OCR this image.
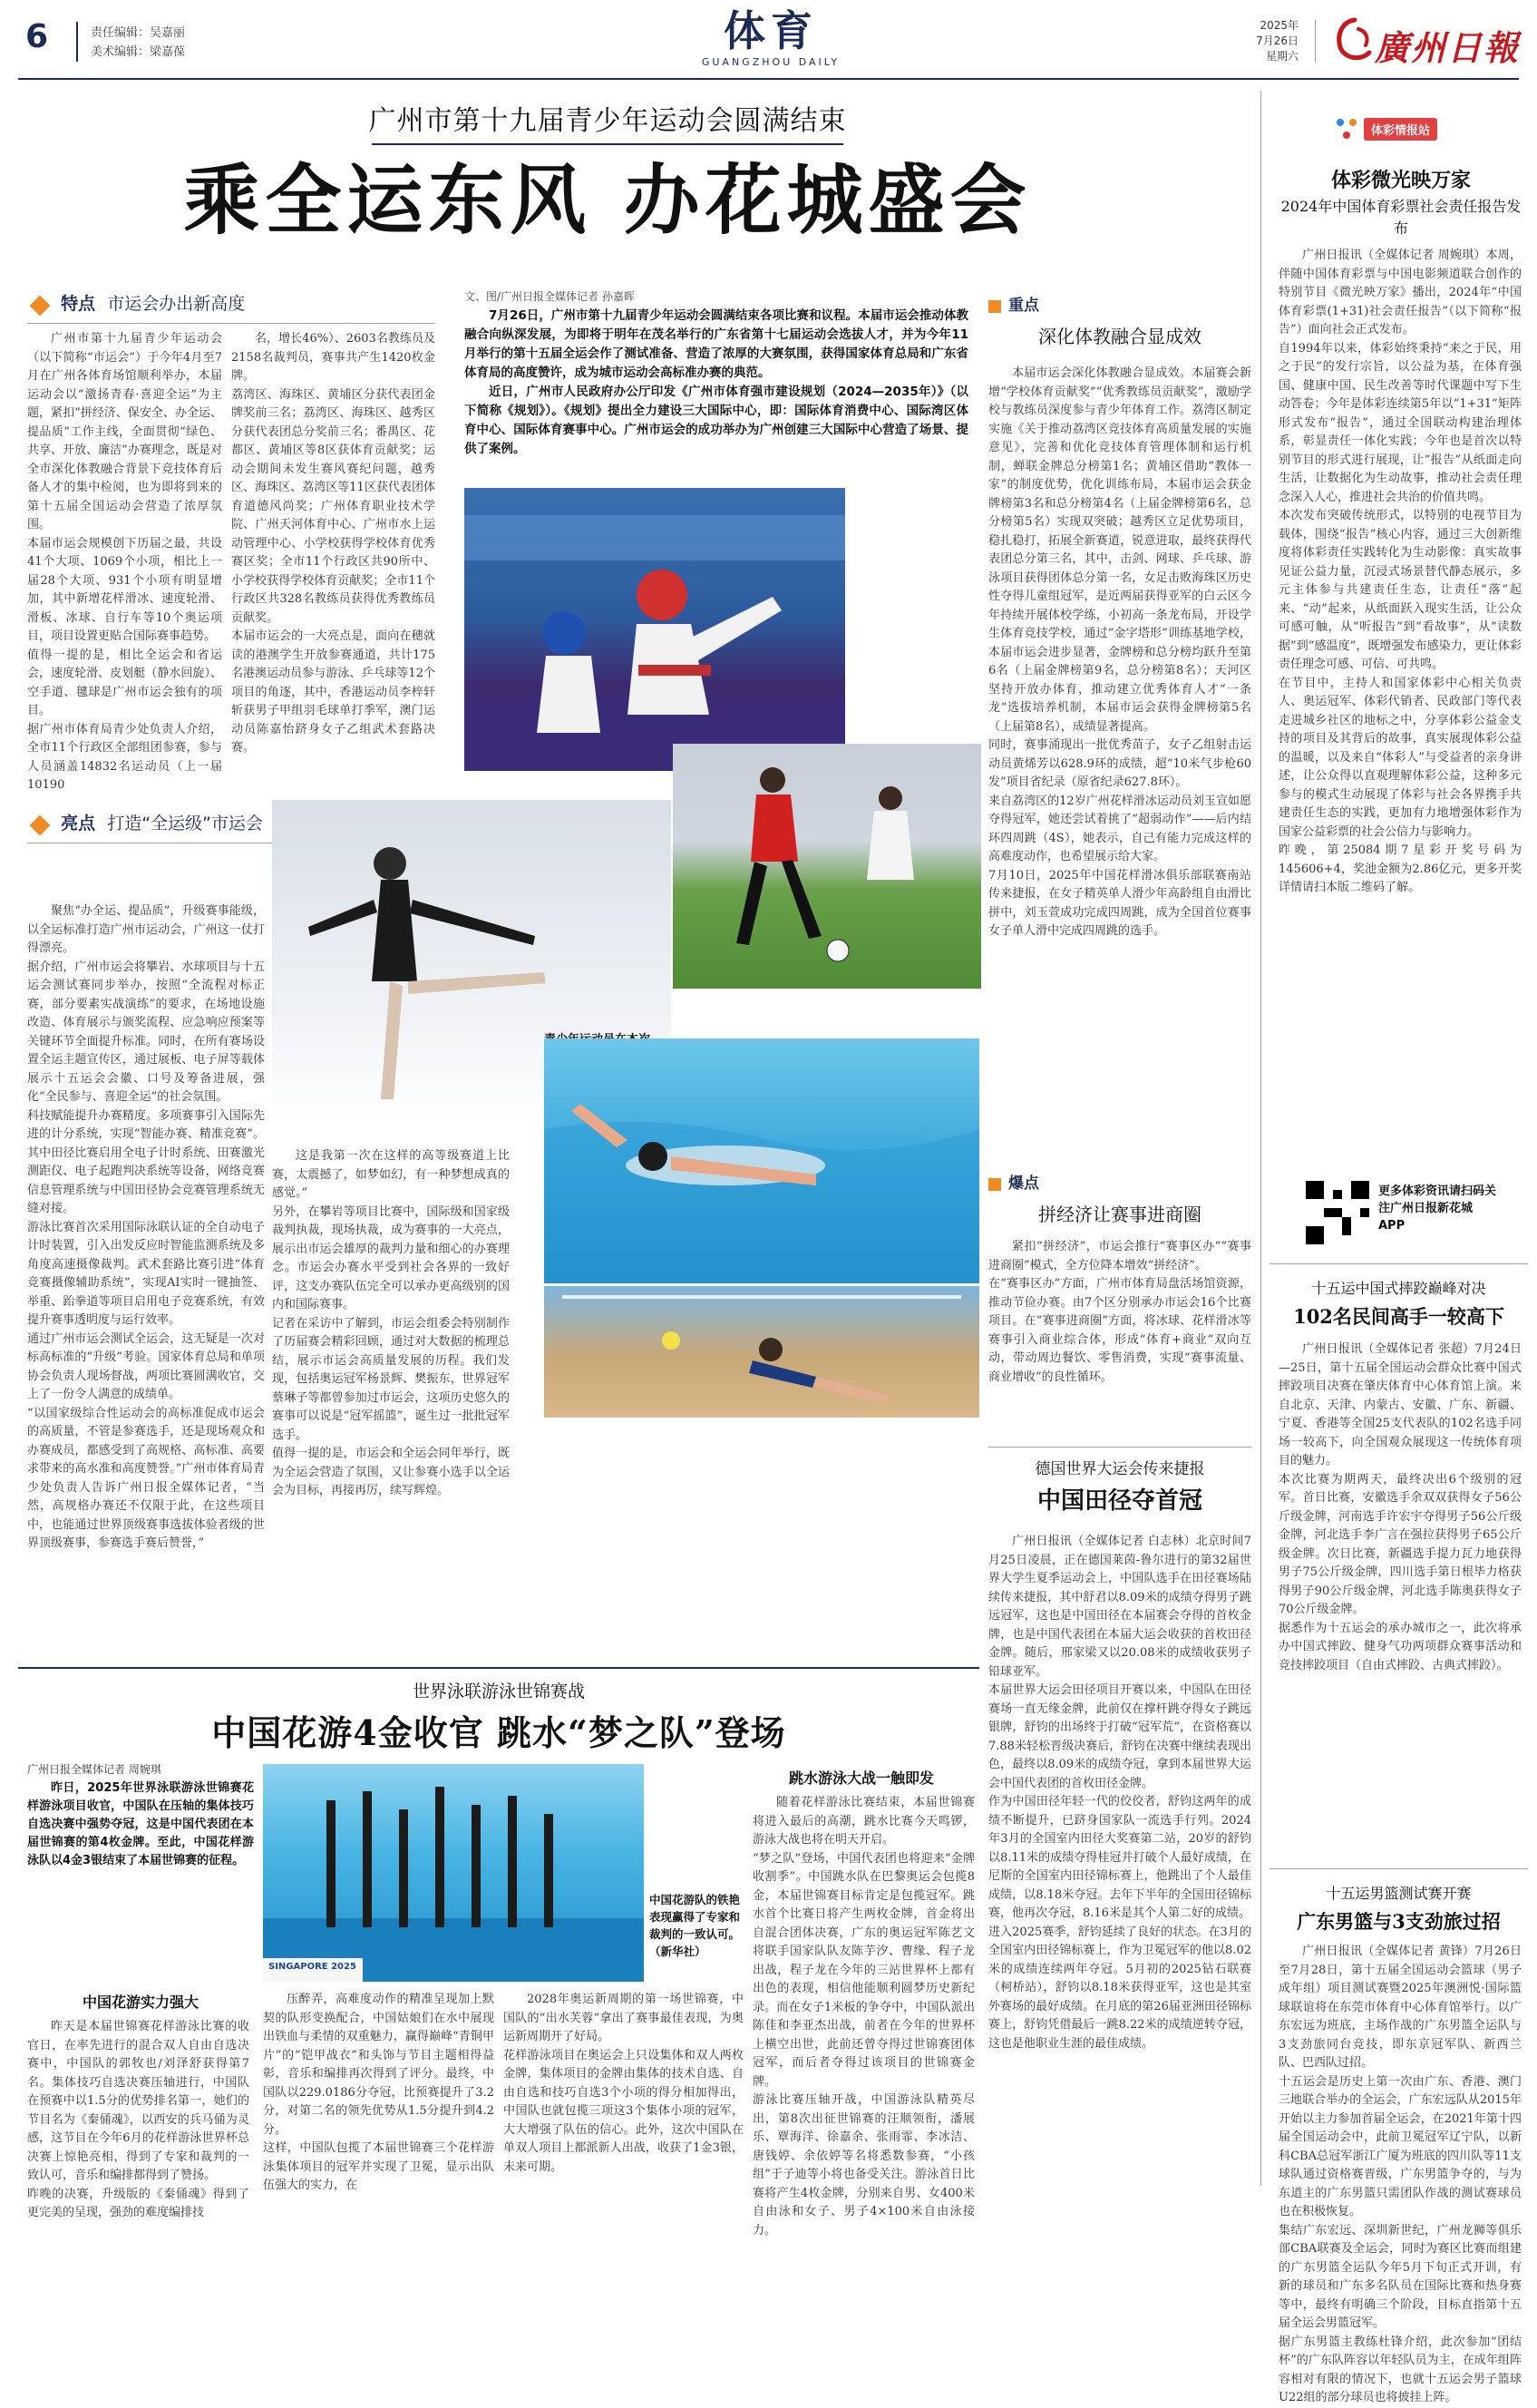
6	责任编辑：吴嘉丽
美术编辑：梁嘉葆	体育
GUANGZHOU DAILY
2025年
7月26日
星期六 廣州日報
广州市第十九届青少年运动会圆满结束
乘全运东风 办花城盛会
文、图/广州日报全媒体记者 孙嘉晖
7月26日，广州市第十九届青少年运动会圆满结束各项比赛和议程。本届市运会推动体教融合向纵深发展，为即将于明年在茂名举行的广东省第十七届运动会选拔人才，并为今年11月举行的第十五届全运会作了测试准备、营造了浓厚的大赛氛围，获得国家体育总局和广东省体育局的高度赞许，成为城市运动会高标准办赛的典范。
近日，广州市人民政府办公厅印发《广州市体育强市建设规划（2024—2035年）》（以下简称《规划》）。《规划》提出全力建设三大国际中心，即：国际体育消费中心、国际湾区体育中心、国际体育赛事中心。广州市运会的成功举办为广州创建三大国际中心营造了场景、提供了案例。
特点 市运会办出新高度
广州市第十九届青少年运动会（以下简称“市运会”）于今年4月至7月在广州各体育场馆顺利举办，本届运动会以“激扬青春·喜迎全运”为主题，紧扣“拼经济、保安全、办全运、提品质”工作主线，全面贯彻“绿色、共享、开放、廉洁”办赛理念，既是对全市深化体教融合背景下竞技体育后备人才的集中检阅，也为即将到来的第十五届全国运动会营造了浓厚氛围。
本届市运会规模创下历届之最，共设41个大项、1069个小项，相比上一届28个大项、931个小项有明显增加，其中新增花样滑冰、速度轮滑、滑板、冰球、自行车等10个奥运项目，项目设置更贴合国际赛事趋势。
值得一提的是，相比全运会和省运会，速度轮滑、皮划艇（静水回旋）、空手道、毽球是广州市运会独有的项目。
据广州市体育局青少处负责人介绍，全市11个行政区全部组团参赛，参与人员涵盖14832名运动员（上一届10190
名，增长46%）、2603名教练员及2158名裁判员，赛事共产生1420枚金牌。
荔湾区、海珠区、黄埔区分获代表团金牌奖前三名；荔湾区、海珠区、越秀区分获代表团总分奖前三名；番禺区、花都区、黄埔区等8区获体育贡献奖；运动会期间未发生赛风赛纪问题，越秀区、海珠区、荔湾区等11区获代表团体育道德风尚奖；广州体育职业技术学院、广州天河体育中心、广州市水上运动管理中心、小学校获得学校体育优秀赛区奖；全市11个行政区共90所中、小学校获得学校体育贡献奖；全市11个行政区共328名教练员获得优秀教练员贡献奖。
本届市运会的一大亮点是，面向在穗就读的港澳学生开放参赛通道，共计175名港澳运动员参与游泳、乒乓球等12个项目的角逐，其中，香港运动员李梓轩斩获男子甲组羽毛球单打季军，澳门运动员陈嘉怡跻身女子乙组武术套路决赛。
亮点 打造“全运级”市运会
聚焦“办全运、提品质”，升级赛事能级，以全运标准打造广州市运动会，广州这一仗打得漂亮。
据介绍，广州市运会将攀岩、水球项目与十五运会测试赛同步举办，按照“全流程对标正赛，部分要素实战演练”的要求，在场地设施改造、体育展示与颁奖流程、应急响应预案等关键环节全面提升标准。同时，在所有赛场设置全运主题宣传区，通过展板、电子屏等载体展示十五运会会徽、口号及筹备进展，强化“全民参与、喜迎全运”的社会氛围。
科技赋能提升办赛精度。多项赛事引入国际先进的计分系统，实现“智能办赛、精准竞赛”。其中田径比赛启用全电子计时系统、田赛激光测距仪、电子起跑判决系统等设备，网络竞赛信息管理系统与中国田径协会竞赛管理系统无缝对接。
游泳比赛首次采用国际泳联认证的全自动电子计时装置，引入出发反应时智能监测系统及多角度高速摄像裁判。武术套路比赛引进“体育竞赛摄像辅助系统”，实现AI实时一键抽签、举重、跆拳道等项目启用电子竞赛系统，有效提升赛事透明度与运行效率。
通过广州市运会测试全运会，这无疑是一次对标高标准的“升级”考验。国家体育总局和单项协会负责人现场督战，两项比赛圆满收官，交上了一份令人满意的成绩单。
“以国家级综合性运动会的高标准促成市运会的高质量，不管是参赛选手，还是现场观众和办赛成员，都感受到了高规格、高标准、高要求带来的高水准和高度赞誉。”广州市体育局青少处负责人告诉广州日报全媒体记者，“当然，高规格办赛还不仅限于此，在这些项目中，也能通过世界顶级赛事选拔体验者级的世界顶级赛事，参赛选手赛后赞誉，”
这是我第一次在这样的高等级赛道上比赛，太震撼了，如梦如幻，有一种梦想成真的感觉。”
另外，在攀岩等项目比赛中，国际级和国家级裁判执裁，现场执裁，成为赛事的一大亮点，展示出市运会雄厚的裁判力量和细心的办赛理念。市运会办赛水平受到社会各界的一致好评，这支办赛队伍完全可以承办更高级别的国内和国际赛事。
记者在采访中了解到，市运会组委会特别制作了历届赛会精彩回顾，通过对大数据的梳理总结，展示市运会高质量发展的历程。我们发现，包括奥运冠军杨景辉、樊振东，世界冠军蔡琳子等都曾参加过市运会，这项历史悠久的赛事可以说是“冠军摇篮”，诞生过一批批冠军选手。
值得一提的是，市运会和全运会同年举行，既为全运会营造了氛围，又让参赛小选手以全运会为目标，再接再厉，续写辉煌。
重点
深化体教融合显成效
本届市运会深化体教融合显成效。本届赛会新增“学校体育贡献奖”“优秀教练员贡献奖”，激励学校与教练员深度参与青少年体育工作。荔湾区制定实施《关于推动荔湾区竞技体育高质量发展的实施意见》，完善和优化竞技体育管理体制和运行机制，蝉联金牌总分榜第1名；黄埔区借助“教体一家”的制度优势，优化训练布局，本届市运会获金牌榜第3名和总分榜第4名（上届金牌榜第6名，总分榜第5名）实现双突破；越秀区立足优势项目，稳扎稳打，拓展全新赛道，锐意进取，最终获得代表团总分第三名，其中，击剑、网球、乒乓球、游泳项目获得团体总分第一名，女足击败海珠区历史性夺得儿童组冠军，是近两届获得亚军的白云区今年持续开展体校学练，小初高一条龙布局，开设学生体育竞技学校，通过“金字塔形”训练基地学校，本届市运会进步显著，金牌榜和总分榜均跃升至第6名（上届金牌榜第9名，总分榜第8名）；天河区坚持开放办体育，推动建立优秀体育人才“一条龙”选拔培养机制，本届市运会获得金牌榜第5名（上届第8名），成绩显著提高。
同时，赛事涌现出一批优秀苗子，女子乙组射击运动员黄烯芳以628.9环的成绩，超“10米气步枪60发”项目省纪录（原省纪录627.8环）。
来自荔湾区的12岁广州花样滑冰运动员刘玉宣如愿夺得冠军，她还尝试着挑了“超弱动作”——后内结环四周跳（4S），她表示，自己有能力完成这样的高难度动作，也希望展示给大家。
7月10日，2025年中国花样滑冰俱乐部联赛南站传来捷报，在女子精英单人滑少年高龄组自由滑比拼中，刘玉萱成功完成四周跳，成为全国首位赛事女子单人滑中完成四周跳的选手。
爆点
拼经济让赛事进商圈
紧扣“拼经济”，市运会推行“赛事区办”“赛事进商圈”模式，全方位降本增效“拼经济”。
在“赛事区办”方面，广州市体育局盘活场馆资源，推动节俭办赛。由7个区分别承办市运会16个比赛项目。在“赛事进商圈”方面，将冰球、花样滑冰等赛事引入商业综合体，形成“体育+商业”双向互动，带动周边餐饮、零售消费，实现“赛事流量、商业增收”的良性循环。
体彩情报站
体彩微光映万家
2024年中国体育彩票社会责任报告发布
广州日报讯（全媒体记者 周婉琪）本周，伴随中国体育彩票与中国电影频道联合创作的特别节目《微光映万家》播出，2024年“中国体育彩票(1+31)社会责任报告”（以下简称“报告”）面向社会正式发布。
自1994年以来，体彩始终秉持“来之于民，用之于民”的发行宗旨，以公益为基，在体育强国、健康中国、民生改善等时代课题中写下生动答卷；今年是体彩连续第5年以“1+31”矩阵形式发布“报告”，通过全国联动构建治理体系，彰显责任一体化实践；今年也是首次以特别节目的形式进行展现，让“报告”从纸面走向生活，让数据化为生动故事，推动社会责任理念深入人心，推进社会共治的价值共鸣。
本次发布突破传统形式，以特别的电视节目为载体，围绕“报告”核心内容，通过三大创新维度将体彩责任实践转化为生动影像：真实故事见证公益力量，沉浸式场景替代静态展示，多元主体参与共建责任生态，让责任“落”起来、“动”起来，从纸面跃入现实生活，让公众可感可触，从“听报告”到“看故事”，从“读数据”到“感温度”，既增强发布感染力，更让体彩责任理念可感、可信、可共鸣。
在节目中，主持人和国家体彩中心相关负责人、奥运冠军、体彩代销者、民政部门等代表走进城乡社区的地标之中，分享体彩公益金支持的项目及其背后的故事，真实展现体彩公益的温暖，以及来自“体彩人”与受益者的亲身讲述，让公众得以直观理解体彩公益，这种多元参与的模式生动展现了体彩与社会各界携手共建责任生态的实践，更加有力地增强体彩作为国家公益彩票的社会公信力与影响力。
昨晚，第25084期7星彩开奖号码为145606+4，奖池金额为2.86亿元，更多开奖详情请扫本版二维码了解。
更多体彩资讯请扫码关注广州日报新花城APP
十五运中国式摔跤巅峰对决
102名民间高手一较高下
广州日报讯（全媒体记者 张超）7月24日—25日，第十五届全国运动会群众比赛中国式摔跤项目决赛在肇庆体育中心体育馆上演。来自北京、天津、内蒙古、安徽、广东、新疆、宁夏、香港等全国25支代表队的102名选手同场一较高下，向全国观众展现这一传统体育项目的魅力。
本次比赛为期两天，最终决出6个级别的冠军。首日比赛，安徽选手余双双获得女子56公斤级金牌，河南选手许宏宇夺得男子56公斤级金牌，河北选手李广言在强拉获得男子65公斤级金牌。次日比赛，新疆选手提力瓦力地获得男子75公斤级金牌，四川选手第日根毕力格获得男子90公斤级金牌，河北选手陈奥获得女子70公斤级金牌。
据悉作为十五运会的承办城市之一，此次将承办中国式摔跤、健身气功两项群众赛事活动和竞技摔跤项目（自由式摔跤、古典式摔跤）。
十五运男篮测试赛开赛
广东男篮与3支劲旅过招
广州日报讯（全媒体记者 黄锋）7月26日至7月28日，第十五届全国运动会篮球（男子成年组）项目测试赛暨2025年澳洲悦·国际篮球联谊将在东莞市体育中心体育馆举行。以广东宏远为班底，主场作战的广东男篮全运队与3支劲旅同台竞技，即东京冠军队、新西兰队、巴西队过招。
十五运会是历史上第一次由广东、香港、澳门三地联合举办的全运会，广东宏远队从2015年开始以主力参加首届全运会，在2021年第十四届全国运动会中，此前卫冕冠军辽宁队，以新科CBA总冠军浙江广厦为班底的四川队等11支球队通过资格赛晋级，广东男篮争夺的，与为东道主的广东男篮只需团队作战的测试赛球员也在积极恢复。
集结广东宏远、深圳新世纪，广州龙狮等俱乐部CBA联赛及全运会，同时为赛区比赛而组建的广东男篮全运队今年5月下旬正式开训，有新的球员和广东多名队员在国际比赛和热身赛等中，最终有明确三个阶段，目标直指第十五届全运会男篮冠军。
据广东男篮主教练杜锋介绍，此次参加“团结杯”的广东队阵容以年轻队员为主，在成年组阵容相对有限的情况下，也就十五运会男子篮球U22组的部分球员也将披挂上阵。
德国世界大运会传来捷报
中国田径夺首冠
广州日报讯（全媒体记者 白志林）北京时间7月25日凌晨，正在德国莱茵-鲁尔进行的第32届世界大学生夏季运动会上，中国队选手在田径赛场陆续传来捷报，其中舒君以8.09米的成绩夺得男子跳远冠军，这也是中国田径在本届赛会夺得的首枚金牌，也是中国代表团在本届大运会收获的首枚田径金牌。随后，邢家梁又以20.08米的成绩收获男子铅球亚军。
本届世界大运会田径项目开赛以来，中国队在田径赛场一直无缘金牌，此前仅在撑杆跳夺得女子跳远银牌，舒钧的出场终于打破“冠军荒”，在资格赛以7.88米轻松晋级决赛后，舒钧在决赛中继续表现出色，最终以8.09米的成绩夺冠，拿到本届世界大运会中国代表团的首枚田径金牌。
作为中国田径年轻一代的佼佼者，舒钧这两年的成绩不断提升，已跻身国家队一流选手行列。2024年3月的全国室内田径大奖赛第二站，20岁的舒钧以8.11米的成绩夺得桂冠并打破个人最好成绩，在尼斯的全国室内田径锦标赛上，他跳出了个人最佳成绩，以8.18米夺冠。去年下半年的全国田径锦标赛，他再次夺冠，8.16米是其个人第二好的成绩。
进入2025赛季，舒钧延续了良好的状态。在3月的全国室内田径锦标赛上，作为卫冕冠军的他以8.02米的成绩连续两年夺冠。5月初的2025钻石联赛（柯桥站），舒钧以8.18米获得亚军，这也是其室外赛场的最好成绩。在月底的第26届亚洲田径锦标赛上，舒钧凭借最后一跳8.22米的成绩逆转夺冠，这也是他职业生涯的最佳成绩。
世界泳联游泳世锦赛战
中国花游4金收官 跳水“梦之队”登场
广州日报全媒体记者 周婉琪
昨日，2025年世界泳联游泳世锦赛花样游泳项目收官，中国队在压轴的集体技巧自选决赛中强势夺冠，这是中国代表团在本届世锦赛的第4枚金牌。至此，中国花样游泳队以4金3银结束了本届世锦赛的征程。
中国花游实力强大
昨天是本届世锦赛花样游泳比赛的收官日，在率先进行的混合双人自由自选决赛中，中国队的郭牧也/刘泽舒获得第7名。集体技巧自选决赛压轴进行，中国队在预赛中以1.5分的优势排名第一，她们的节目名为《秦俑魂》，以西安的兵马俑为灵感，这节目在今年6月的花样游泳世界杯总决赛上惊艳亮相，得到了专家和裁判的一致认可，音乐和编排都得到了赞扬。
昨晚的决赛，升级版的《秦俑魂》得到了更完美的呈现，强劲的难度编排技
SINGAPORE 2025
中国花游队的铁艳表现赢得了专家和裁判的一致认可。（新华社）
压醉弄，高难度动作的精准呈现加上默契的队形变换配合，中国姑娘们在水中展现出铁血与柔情的双重魅力，赢得巅峰“青铜甲片”的“铠甲战衣”和头饰与节目主题相得益彰，音乐和编排再次得到了评分。最终，中国队以229.0186分夺冠，比预赛提升了3.2分，对第二名的领先优势从1.5分提升到4.2分。
这样，中国队包揽了本届世锦赛三个花样游泳集体项目的冠军并实现了卫冕，显示出队伍强大的实力，在
2028年奥运新周期的第一场世锦赛，中国队的“出水芙蓉”拿出了赛事最佳表现，为奥运新周期开了好局。
花样游泳项目在奥运会上只设集体和双人两枚金牌，集体项目的金牌由集体的技术自选、自由自选和技巧自选3个小项的得分相加得出，中国队也就包揽三项这3个集体小项的冠军，大大增强了队伍的信心。此外，这次中国队在单双人项目上都派新人出战，收获了1金3银，未来可期。
跳水游泳大战一触即发
随着花样游泳比赛结束，本届世锦赛将进入最后的高潮，跳水比赛今天鸣锣，游泳大战也将在明天开启。
“梦之队”登场，中国代表团也将迎来“金牌收割季”。中国跳水队在巴黎奥运会包揽8金，本届世锦赛目标肯定是包揽冠军。跳水首个比赛日将产生两枚金牌，首金将出自混合团体决赛，广东的奥运冠军陈艺文将联手国家队队友陈芋汐、曹缘、程子龙出战，程子龙在今年的三站世界杯上都有出色的表现，相信他能顺利圆梦历史新纪录。而在女子1米板的争夺中，中国队派出陈佳和李亚杰出战，前者在今年的世界杯上横空出世，此前还曾夺得过世锦赛团体冠军，而后者夺得过该项目的世锦赛金牌。
游泳比赛压轴开战，中国游泳队精英尽出，第8次出征世锦赛的汪顺领衔，潘展乐、覃海洋、徐嘉余、张雨霏、李冰洁、唐钱婷、余依婷等名将悉数参赛，“小孩组”于子迪等小将也备受关注。游泳首日比赛将产生4枚金牌，分别来自男、女400米自由泳和女子、男子4×100米自由泳接力。
